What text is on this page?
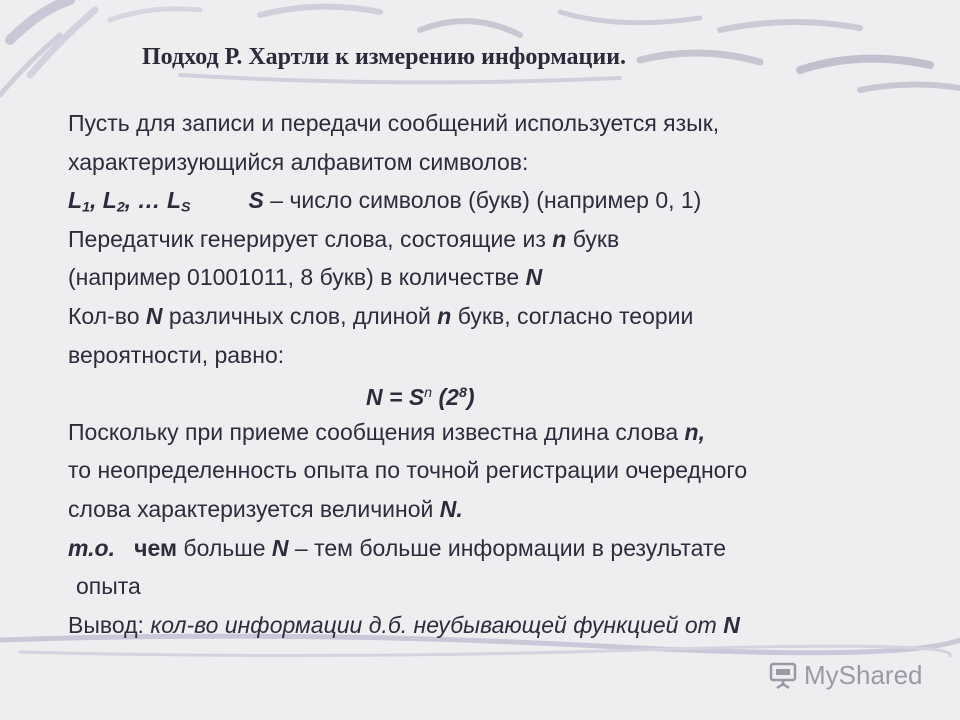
Подход Р. Хартли к измерению информации.
Пусть для записи и передачи сообщений используется язык,
характеризующийся алфавитом символов:
$L_1$, $L_2$, … $L_S$	S – число символов (букв) (например 0, 1)
Передатчик генерирует слова, состоящие из n букв
(например 01001011, 8 букв) в количестве N
Кол-во N различных слов, длиной n букв, согласно теории
вероятности, равно:
$N = S^n$ $(2^8)$
Поскольку при приеме сообщения известна длина слова n,
то неопределенность опыта по точной регистрации очередного
слова характеризуется величиной N.
т.о. чем больше N – тем больше информации в результате
опыта
Вывод: кол-во информации д.б. неубывающей функцией от N
MyShared
